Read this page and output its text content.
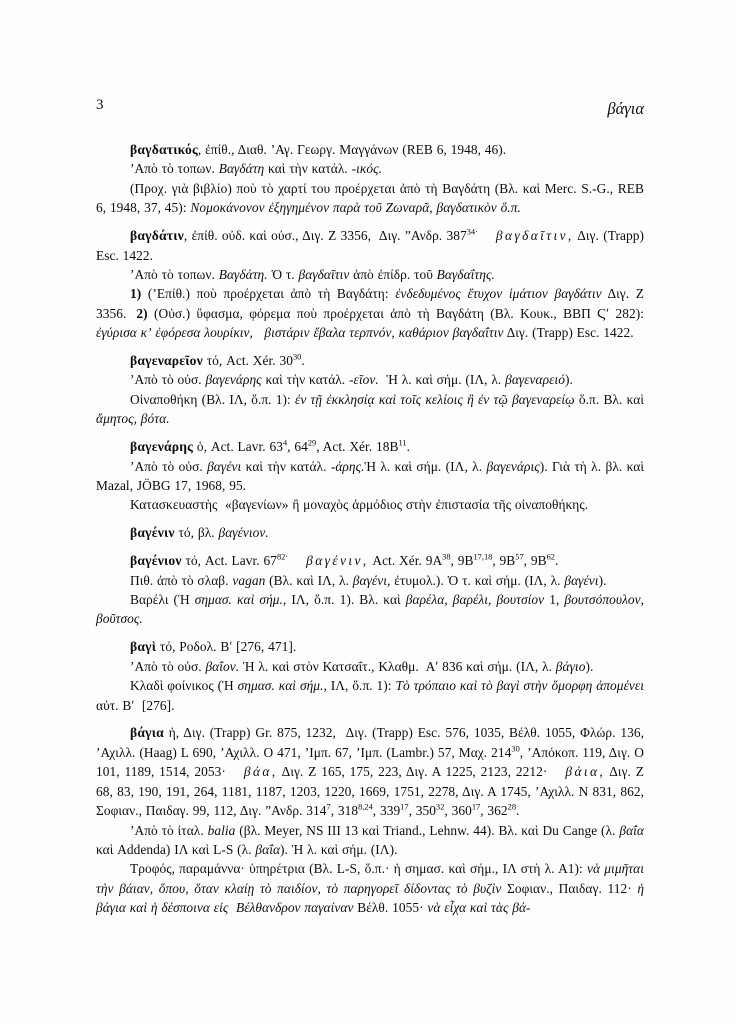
3	βάγια

βαγδατικός, ἐπίθ., Διαθ. ʼΑγ. Γεωργ. Μαγγάνων (REB 6, 1948, 46).

ʼΑπὸ τὸ τοπων. Βαγδάτη καὶ τὴν κατάλ. -ικός.

(Προχ. γιὰ βιβλίο) ποὺ τὸ χαρτί του προέρχεται ἀπὸ τὴ Βαγδάτη (Βλ. καὶ Merc. S.-G., REB 6, 1948, 37, 45): Νομοκάνονον ἐξηγημένον παρὰ τοῦ Ζωναρᾶ, βαγδατικὸν ὅ.π.

βαγδάτιν, ἐπίθ. οὐδ. καὶ οὐσ., Διγ. Ζ 3356,  Διγ. ˮΑνδρ. $387^{34\cdot}$ βαγδαῖτιν, Διγ. (Trapp) Esc. 1422.

ʼΑπὸ τὸ τοπων. Βαγδάτη. Ὁ τ. βαγδαῖτιν ἀπὸ ἐπίδρ. τοῦ Βαγδαΐτης.

1) (ʼΕπίθ.) ποὺ προέρχεται ἀπὸ τὴ Βαγδάτη: ἐνδεδυμένος ἔτυχον ἱμάτιον βαγδάτιν Διγ. Ζ 3356. 2) (Οὐσ.) ὕφασμα, φόρεμα ποὺ προέρχεται ἀπὸ τὴ Βαγδάτη (Βλ. Κουκ., ΒΒΠ Ϛʹ 282): ἐγύρισα κʼ ἐφόρεσα λουρίκιν,   βιστάριν ἔβαλα τερπνόν, καθάριον βαγδαΐτιν Διγ. (Trapp) Esc. 1422.

βαγεναρεῖον τό, Act. Xér. $30^{30}$.

ʼΑπὸ τὸ οὐσ. βαγενάρης καὶ τὴν κατάλ. -εῖον.  Ἡ λ. καὶ σήμ. (ΙΛ, λ. βαγεναρειό).

Οἰναποθήκη (Βλ. ΙΛ, ὅ.π. 1): ἐν τῇ ἐκκλησίᾳ καὶ τοῖς κελίοις ἢ ἐν τῷ βαγεναρείῳ ὅ.π. Βλ. καὶ ἄμητος, βότα.

βαγενάρης ὁ, Act. Lavr. $63^4$, $64^{29}$, Act. Xér. $18B^{11}$.

ʼΑπὸ τὸ οὐσ. βαγένι καὶ τὴν κατάλ. -άρης.Ἡ λ. καὶ σήμ. (ΙΛ, λ. βαγενάρις). Γιὰ τὴ λ. βλ. καὶ Mazal, JÖBG 17, 1968, 95.

Κατασκευαστὴς  «βαγενίων» ἢ μοναχὸς ἁρμόδιος στὴν ἐπιστασία τῆς οἰναποθήκης.

βαγένιν τό, βλ. βαγένιον.

βαγένιον τό, Act. Lavr. $67^{82\cdot}$ βαγένιν, Act. Xér. $9A^{38}$, $9B^{17,18}$, $9B^{57}$, $9B^{62}$.

Πιθ. ἀπὸ τὸ σλαβ. vagan (Βλ. καὶ ΙΛ, λ. βαγένι, ἐτυμολ.). Ὁ τ. καὶ σήμ. (ΙΛ, λ. βαγένι).

Βαρέλι (Ἡ σημασ. καὶ σήμ., ΙΛ, ὅ.π. 1). Βλ. καὶ βαρέλα, βαρέλι, βουτσίον 1, βουτσόπουλον, βοῦτσος.

βαγὶ τό, Ροδολ. Βʹ [276, 471].

ʼΑπὸ τὸ οὐσ. βαΐον. Ἡ λ. καὶ στὸν Κατσαΐτ., Κλαθμ.  Αʹ 836 καὶ σήμ. (ΙΛ, λ. βάγιο).

Κλαδὶ φοίνικος (Ἡ σημασ. καὶ σήμ., ΙΛ, ὅ.π. 1): Τὸ τρόπαιο καὶ τὸ βαγὶ στὴν ὅμορφη ἀπομένει αὐτ. Βʹ  [276].

βάγια ἡ, Διγ. (Trapp) Gr. 875, 1232,  Διγ. (Trapp) Esc. 576, 1035, Βέλθ. 1055, Φλώρ. 136, ʼΑχιλλ. (Haag) L 690, ʼΑχιλλ. Ο 471, ʼΙμπ. 67, ʼΙμπ. (Lambr.) 57, Μαχ. $214^{30}$, ʼΑπόκοπ. 119, Διγ. Ο 101, 1189, 1514, 2053· βάα, Διγ. Ζ 165, 175, 223, Διγ. Α 1225, 2123, 2212· βάια, Διγ. Ζ 68, 83, 190, 191, 264, 1181, 1187, 1203, 1220, 1669, 1751, 2278, Διγ. Α 1745, ʼΑχιλλ. Ν 831, 862, Σοφιαν., Παιδαγ. 99, 112, Διγ. ˮΑνδρ. $314^7$, 318$^{8,24}$, $339^{17}$, $350^{32}$, $360^{17}$, $362^{28}$.

ʼΑπὸ τὸ ἰταλ. balia (βλ. Meyer, NS III 13 καὶ Triand., Lehnw. 44). Βλ. καὶ Du Cange (λ. βαΐα καὶ Addenda) ΙΛ καὶ L-S (λ. βαΐα). Ἡ λ. καὶ σήμ. (ΙΛ).

Τροφός, παραμάννα· ὑπηρέτρια (Βλ. L-S, ὅ.π.· ἡ σημασ. καὶ σήμ., ΙΛ στὴ λ. Α1): νὰ μιμῆται τὴν βάιαν, ὅπου, ὅταν κλαίῃ τὸ παιδίον, τὸ παρηγορεῖ δίδοντας τὸ βυζὶν Σοφιαν., Παιδαγ. 112· ἡ βάγια καὶ ἡ δέσποινα εἰς  Βέλθανδρον παγαίναν Βέλθ. 1055· νὰ εἶχα καὶ τὰς βά-
